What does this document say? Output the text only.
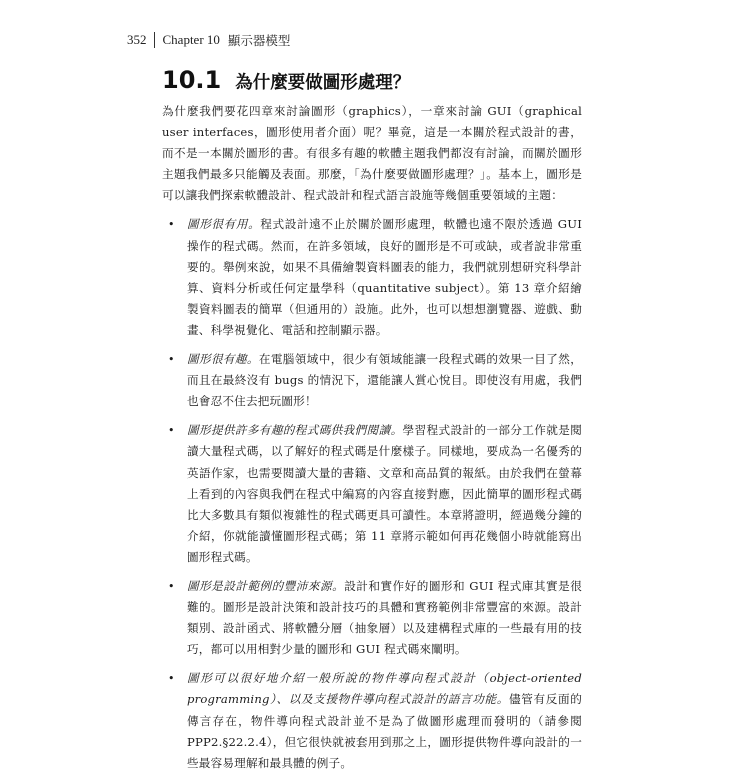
352 Chapter 10 顯示器模型
10.1 為什麼要做圖形處理？

為什麼我們要花四章來討論圖形（graphics），一章來討論 GUI（graphical user interfaces，圖形使用者介面）呢？畢竟，這是一本關於程式設計的書，而不是一本關於圖形的書。有很多有趣的軟體主題我們都沒有討論，而關於圖形主題我們最多只能觸及表面。那麼，「為什麼要做圖形處理？」。基本上，圖形是可以讓我們探索軟體設計、程式設計和程式語言設施等幾個重要領域的主題：

• 圖形很有用。程式設計遠不止於關於圖形處理，軟體也遠不限於透過 GUI 操作的程式碼。然而，在許多領域，良好的圖形是不可或缺，或者說非常重要的。舉例來說，如果不具備繪製資料圖表的能力，我們就別想研究科學計算、資料分析或任何定量學科（quantitative subject）。第 13 章介紹繪製資料圖表的簡單（但通用的）設施。此外，也可以想想瀏覽器、遊戲、動畫、科學視覺化、電話和控制顯示器。
• 圖形很有趣。在電腦領域中，很少有領域能讓一段程式碼的效果一目了然，而且在最終沒有 bugs 的情況下，還能讓人賞心悅目。即使沒有用處，我們也會忍不住去把玩圖形！
• 圖形提供許多有趣的程式碼供我們閱讀。學習程式設計的一部分工作就是閱讀大量程式碼，以了解好的程式碼是什麼樣子。同樣地，要成為一名優秀的英語作家，也需要閱讀大量的書籍、文章和高品質的報紙。由於我們在螢幕上看到的內容與我們在程式中編寫的內容直接對應，因此簡單的圖形程式碼比大多數具有類似複雜性的程式碼更具可讀性。本章將證明，經過幾分鐘的介紹，你就能讀懂圖形程式碼；第 11 章將示範如何再花幾個小時就能寫出圖形程式碼。
• 圖形是設計範例的豐沛來源。設計和實作好的圖形和 GUI 程式庫其實是很難的。圖形是設計決策和設計技巧的具體和實務範例非常豐富的來源。設計類別、設計函式、將軟體分層（抽象層）以及建構程式庫的一些最有用的技巧，都可以用相對少量的圖形和 GUI 程式碼來闡明。
• 圖形可以很好地介紹一般所說的物件導向程式設計（object-oriented programming）、以及支援物件導向程式設計的語言功能。儘管有反面的傳言存在，物件導向程式設計並不是為了做圖形處理而發明的（請參閱 PPP2.§22.2.4），但它很快就被套用到那之上，圖形提供物件導向設計的一些最容易理解和最具體的例子。
